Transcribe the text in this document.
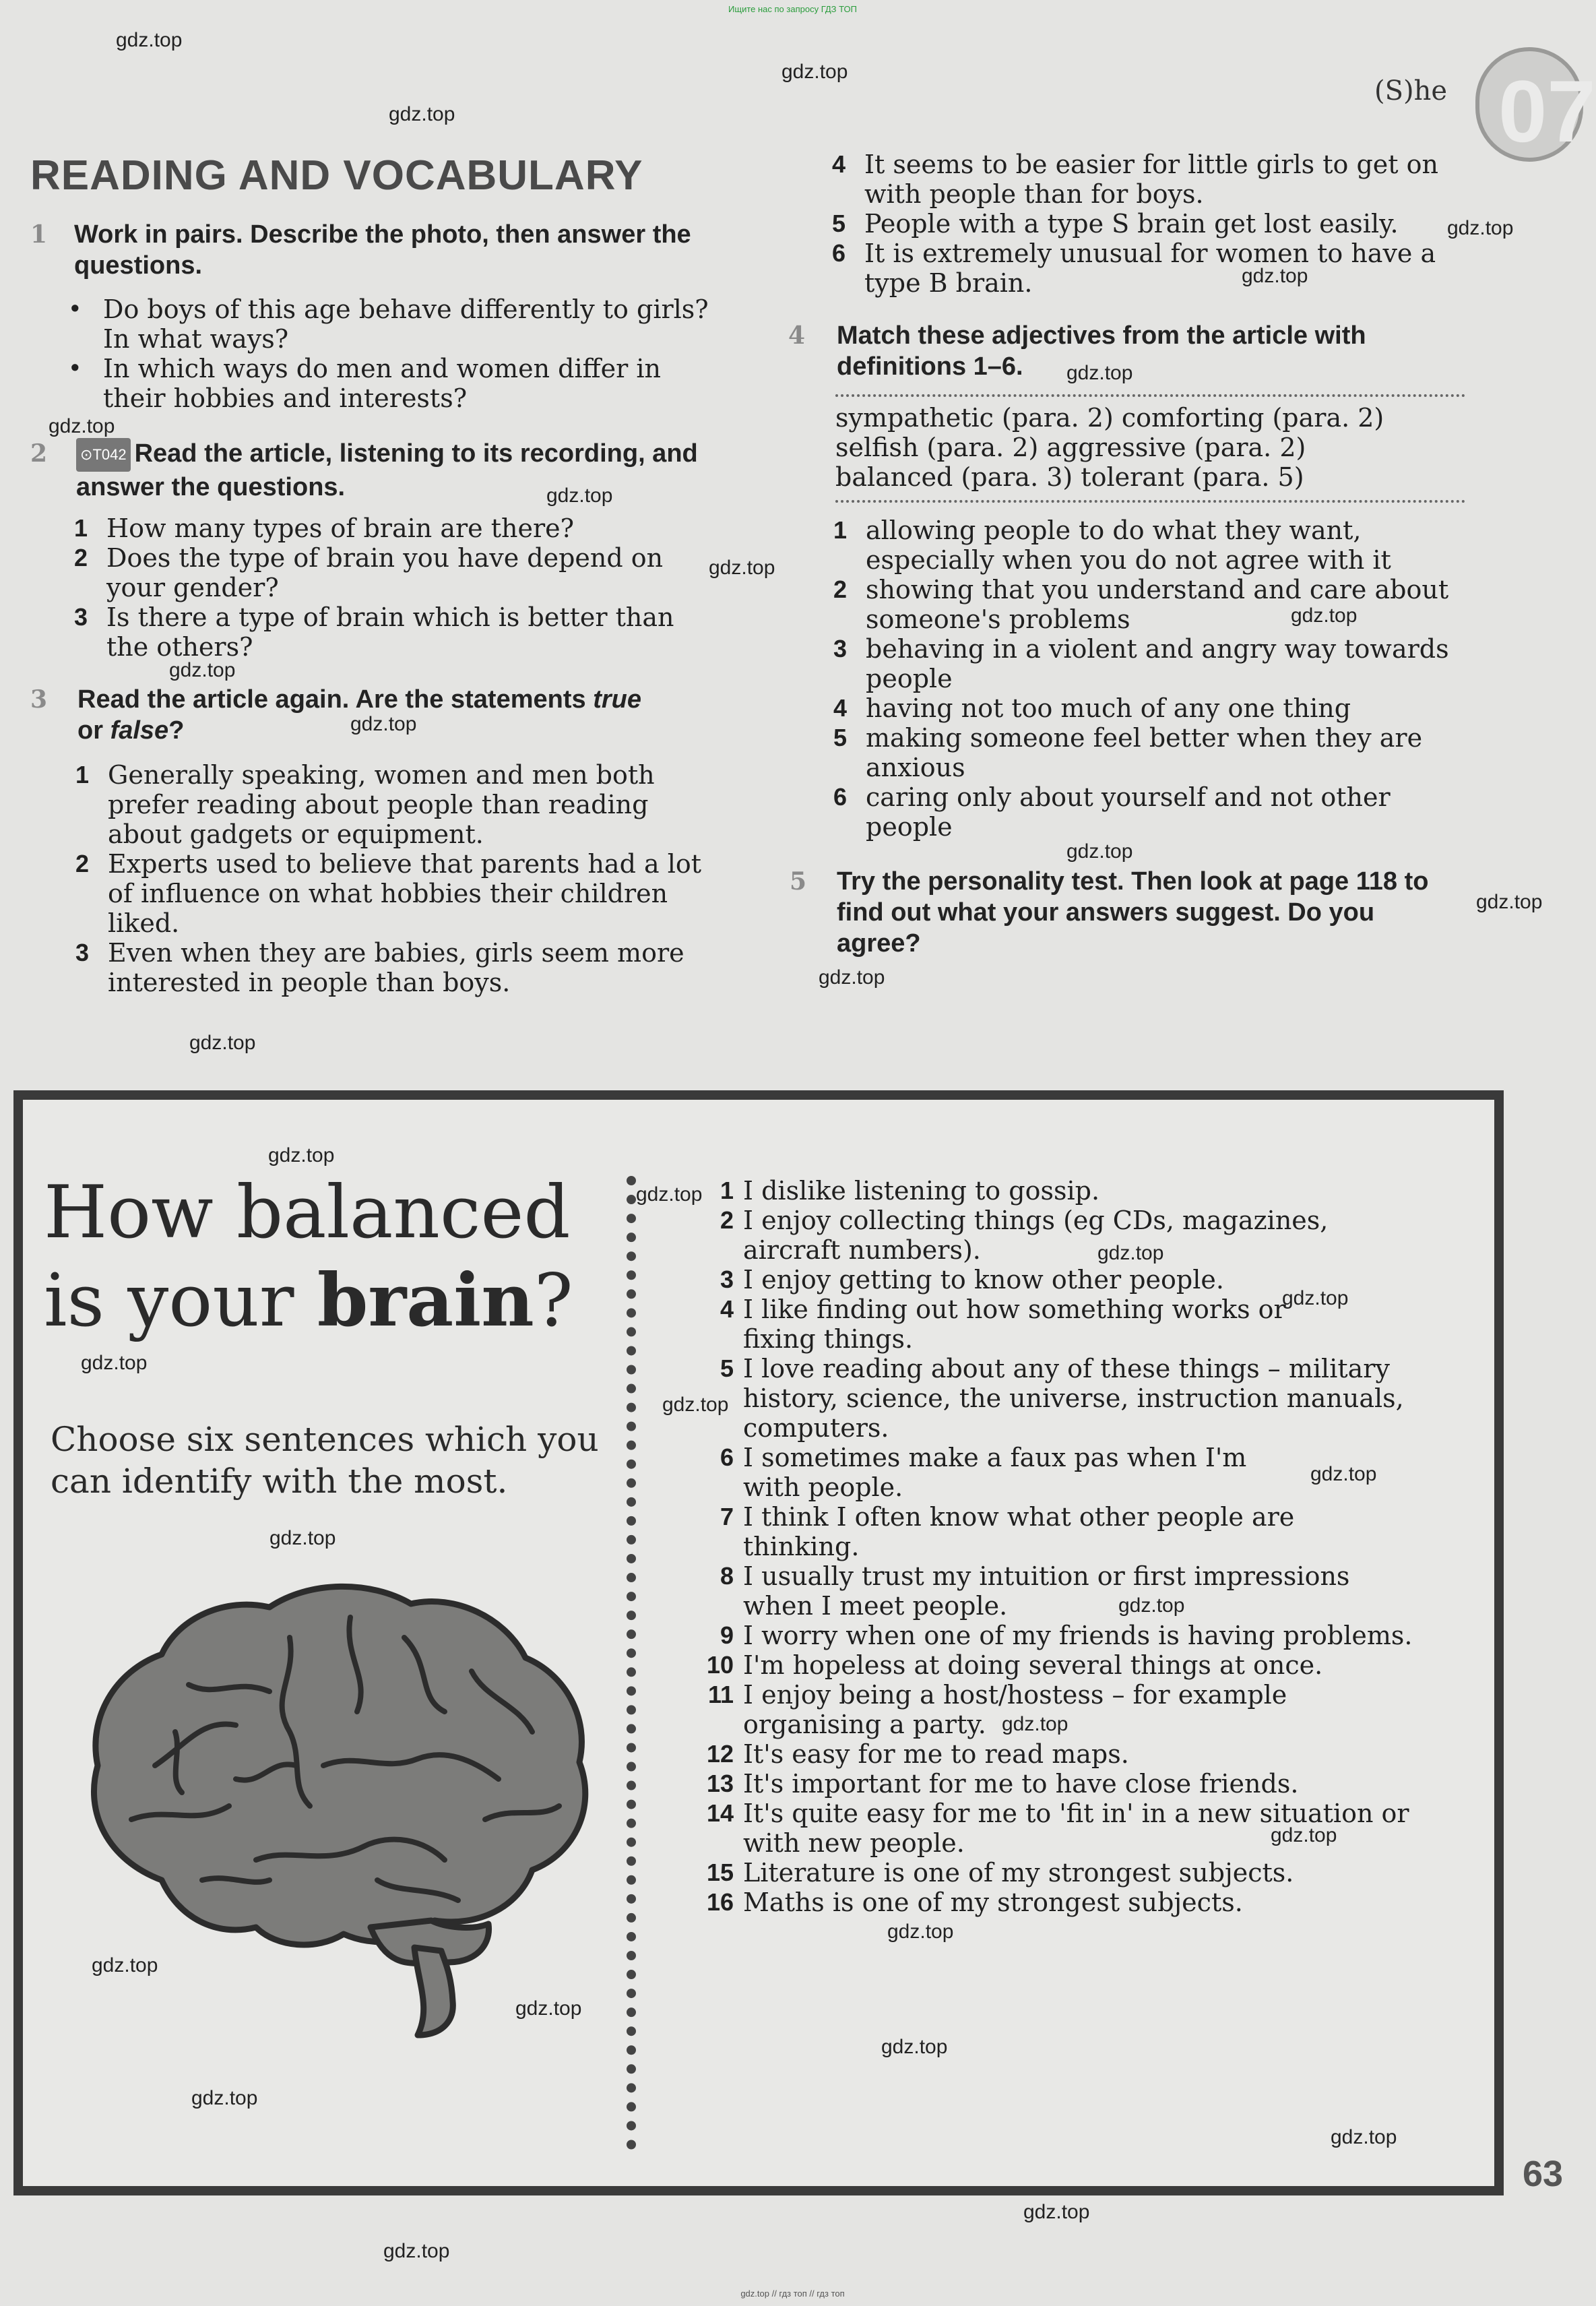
Ищите нас по запросу ГДЗ ТОП
gdz.top // гдз топ // гдз топ
(S)he 07
READING AND VOCABULARY
1 Work in pairs. Describe the photo, then answer the questions.
• Do boys of this age behave differently to girls? In what ways?
• In which ways do men and women differ in their hobbies and interests?
2 ⊙T042 Read the article, listening to its recording, and answer the questions.
1 How many types of brain are there?
2 Does the type of brain you have depend on your gender?
3 Is there a type of brain which is better than the others?
3 Read the article again. Are the statements true
or false?
1 Generally speaking, women and men both prefer reading about people than reading about gadgets or equipment.
2 Experts used to believe that parents had a lot of influence on what hobbies their children liked.
3 Even when they are babies, girls seem more interested in people than boys.
4 It seems to be easier for little girls to get on with people than for boys.
5 People with a type S brain get lost easily.
6 It is extremely unusual for women to have a type B brain.
4 Match these adjectives from the article with definitions 1–6.
sympathetic (para. 2) comforting (para. 2)
selfish (para. 2) aggressive (para. 2)
balanced (para. 3) tolerant (para. 5)
1 allowing people to do what they want, especially when you do not agree with it
2 showing that you understand and care about someone's problems
3 behaving in a violent and angry way towards people
4 having not too much of any one thing
5 making someone feel better when they are anxious
6 caring only about yourself and not other people
5 Try the personality test. Then look at page 118 to find out what your answers suggest. Do you agree?
How balanced
is your brain?
Choose six sentences which you can identify with the most.
1 I dislike listening to gossip.
2 I enjoy collecting things (eg CDs, magazines, aircraft numbers).
3 I enjoy getting to know other people.
4 I like finding out how something works or fixing things.
5 I love reading about any of these things – military history, science, the universe, instruction manuals, computers.
6 I sometimes make a faux pas when I'm with people.
7 I think I often know what other people are thinking.
8 I usually trust my intuition or first impressions when I meet people.
9 I worry when one of my friends is having problems.
10 I'm hopeless at doing several things at once.
11 I enjoy being a host/hostess – for example organising a party.
12 It's easy for me to read maps.
13 It's important for me to have close friends.
14 It's quite easy for me to 'fit in' in a new situation or with new people.
15 Literature is one of my strongest subjects.
16 Maths is one of my strongest subjects.
63
gdz.top
gdz.top
gdz.top
gdz.top
gdz.top
gdz.top
gdz.top
gdz.top
gdz.top
gdz.top
gdz.top
gdz.top
gdz.top
gdz.top
gdz.top
gdz.top
gdz.top
gdz.top
gdz.top
gdz.top
gdz.top
gdz.top
gdz.top
gdz.top
gdz.top
gdz.top
gdz.top
gdz.top
gdz.top
gdz.top
gdz.top
gdz.top
gdz.top
gdz.top
gdz.top
